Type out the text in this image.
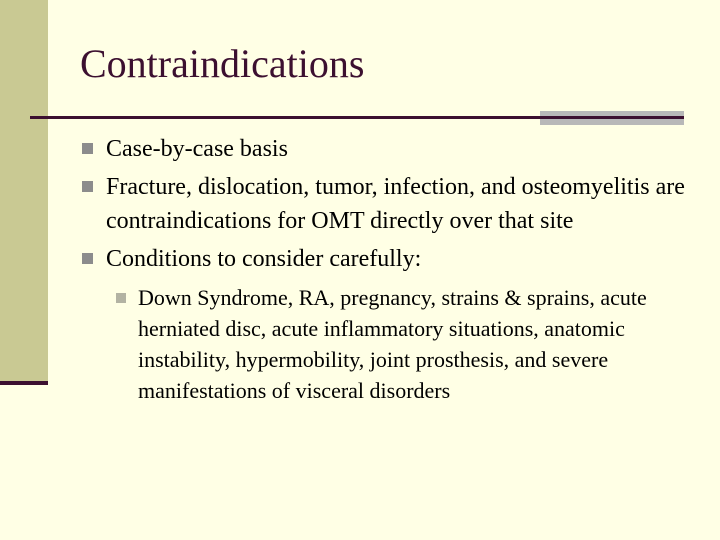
Contraindications
Case-by-case basis
Fracture, dislocation, tumor, infection, and osteomyelitis are contraindications for OMT directly over that site
Conditions to consider carefully:
Down Syndrome, RA, pregnancy, strains & sprains, acute herniated disc, acute inflammatory situations, anatomic instability, hypermobility, joint prosthesis, and severe manifestations of visceral disorders
